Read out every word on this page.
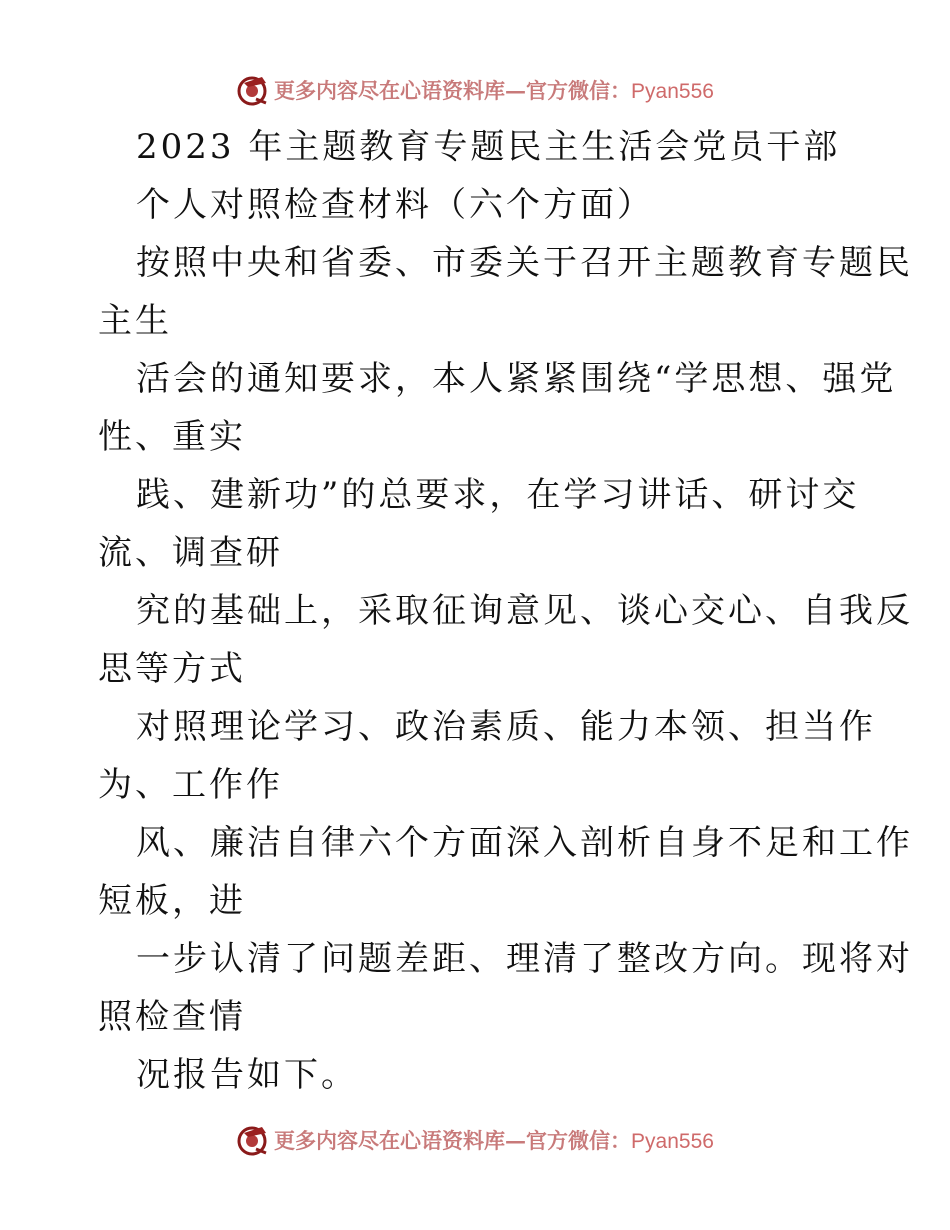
更多内容尽在心语资料库—官方微信：Pyan556
2023 年主题教育专题民主生活会党员干部
个人对照检查材料（六个方面）
按照中央和省委、市委关于召开主题教育专题民
主生
活会的通知要求，本人紧紧围绕“学思想、强党
性、重实
践、建新功”的总要求，在学习讲话、研讨交
流、调查研
究的基础上，采取征询意见、谈心交心、自我反
思等方式
对照理论学习、政治素质、能力本领、担当作
为、工作作
风、廉洁自律六个方面深入剖析自身不足和工作
短板，进
一步认清了问题差距、理清了整改方向。现将对
照检查情
况报告如下。
更多内容尽在心语资料库—官方微信：Pyan556
